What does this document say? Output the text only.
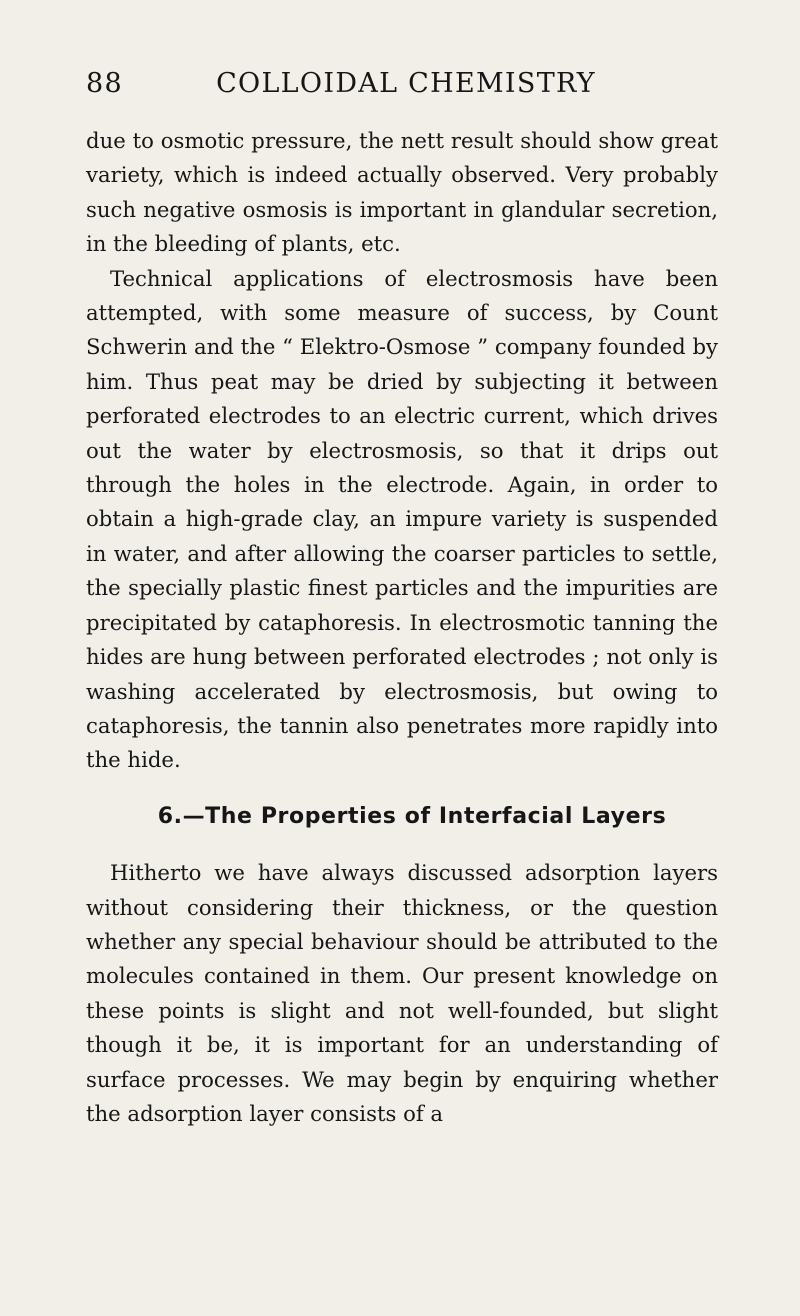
88	COLLOIDAL CHEMISTRY

due to osmotic pressure, the nett result should show great variety, which is indeed actually observed. Very probably such negative osmosis is important in glandular secretion, in the bleeding of plants, etc.

Technical applications of electrosmosis have been attempted, with some measure of success, by Count Schwerin and the “ Elektro-Osmose ” company founded by him. Thus peat may be dried by subjecting it between perforated electrodes to an electric current, which drives out the water by electrosmosis, so that it drips out through the holes in the electrode. Again, in order to obtain a high-grade clay, an impure variety is suspended in water, and after allowing the coarser particles to settle, the specially plastic finest particles and the impurities are precipitated by cataphoresis. In electrosmotic tanning the hides are hung between perforated electrodes ; not only is washing accelerated by electrosmosis, but owing to cataphoresis, the tannin also penetrates more rapidly into the hide.

6.—The Properties of Interfacial Layers

Hitherto we have always discussed adsorption layers without considering their thickness, or the question whether any special behaviour should be attributed to the molecules contained in them. Our present knowledge on these points is slight and not well-founded, but slight though it be, it is important for an understanding of surface processes. We may begin by enquiring whether the adsorption layer consists of a
